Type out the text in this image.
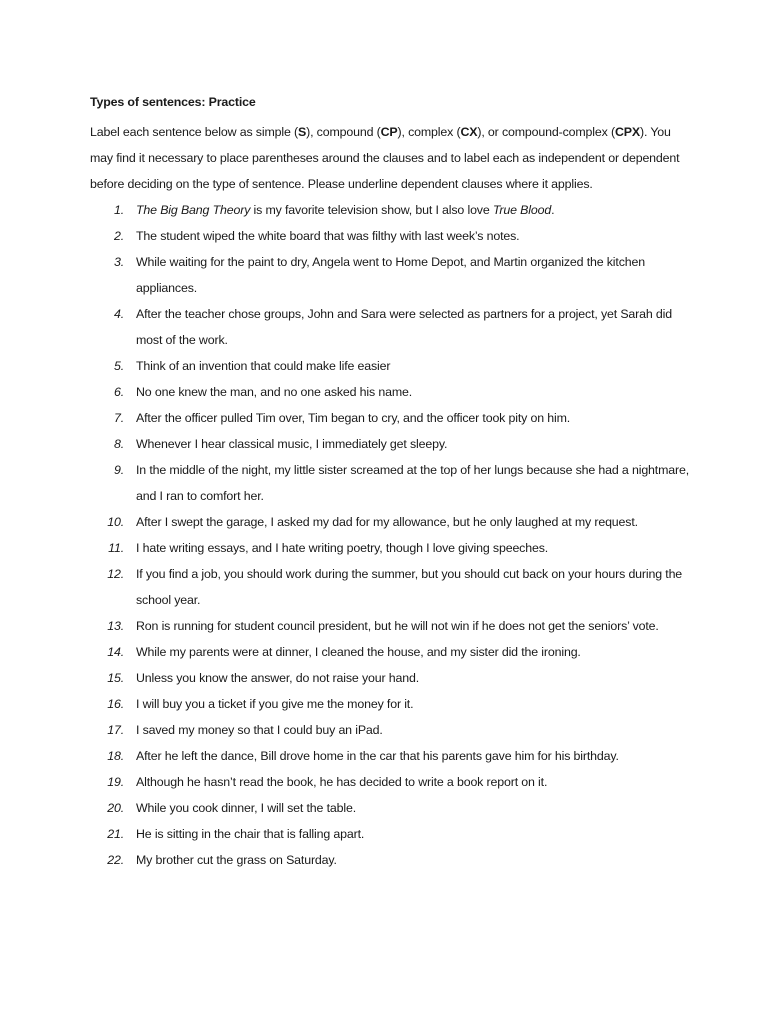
Types of sentences: Practice
Label each sentence below as simple (S), compound (CP), complex (CX), or compound-complex (CPX). You may find it necessary to place parentheses around the clauses and to label each as independent or dependent before deciding on the type of sentence. Please underline dependent clauses where it applies.
1. The Big Bang Theory is my favorite television show, but I also love True Blood.
2. The student wiped the white board that was filthy with last week’s notes.
3. While waiting for the paint to dry, Angela went to Home Depot, and Martin organized the kitchen appliances.
4. After the teacher chose groups, John and Sara were selected as partners for a project, yet Sarah did most of the work.
5. Think of an invention that could make life easier
6. No one knew the man, and no one asked his name.
7. After the officer pulled Tim over, Tim began to cry, and the officer took pity on him.
8. Whenever I hear classical music, I immediately get sleepy.
9. In the middle of the night, my little sister screamed at the top of her lungs because she had a nightmare, and I ran to comfort her.
10. After I swept the garage, I asked my dad for my allowance, but he only laughed at my request.
11. I hate writing essays, and I hate writing poetry, though I love giving speeches.
12. If you find a job, you should work during the summer, but you should cut back on your hours during the school year.
13. Ron is running for student council president, but he will not win if he does not get the seniors’ vote.
14. While my parents were at dinner, I cleaned the house, and my sister did the ironing.
15. Unless you know the answer, do not raise your hand.
16. I will buy you a ticket if you give me the money for it.
17. I saved my money so that I could buy an iPad.
18. After he left the dance, Bill drove home in the car that his parents gave him for his birthday.
19. Although he hasn’t read the book, he has decided to write a book report on it.
20. While you cook dinner, I will set the table.
21. He is sitting in the chair that is falling apart.
22. My brother cut the grass on Saturday.
